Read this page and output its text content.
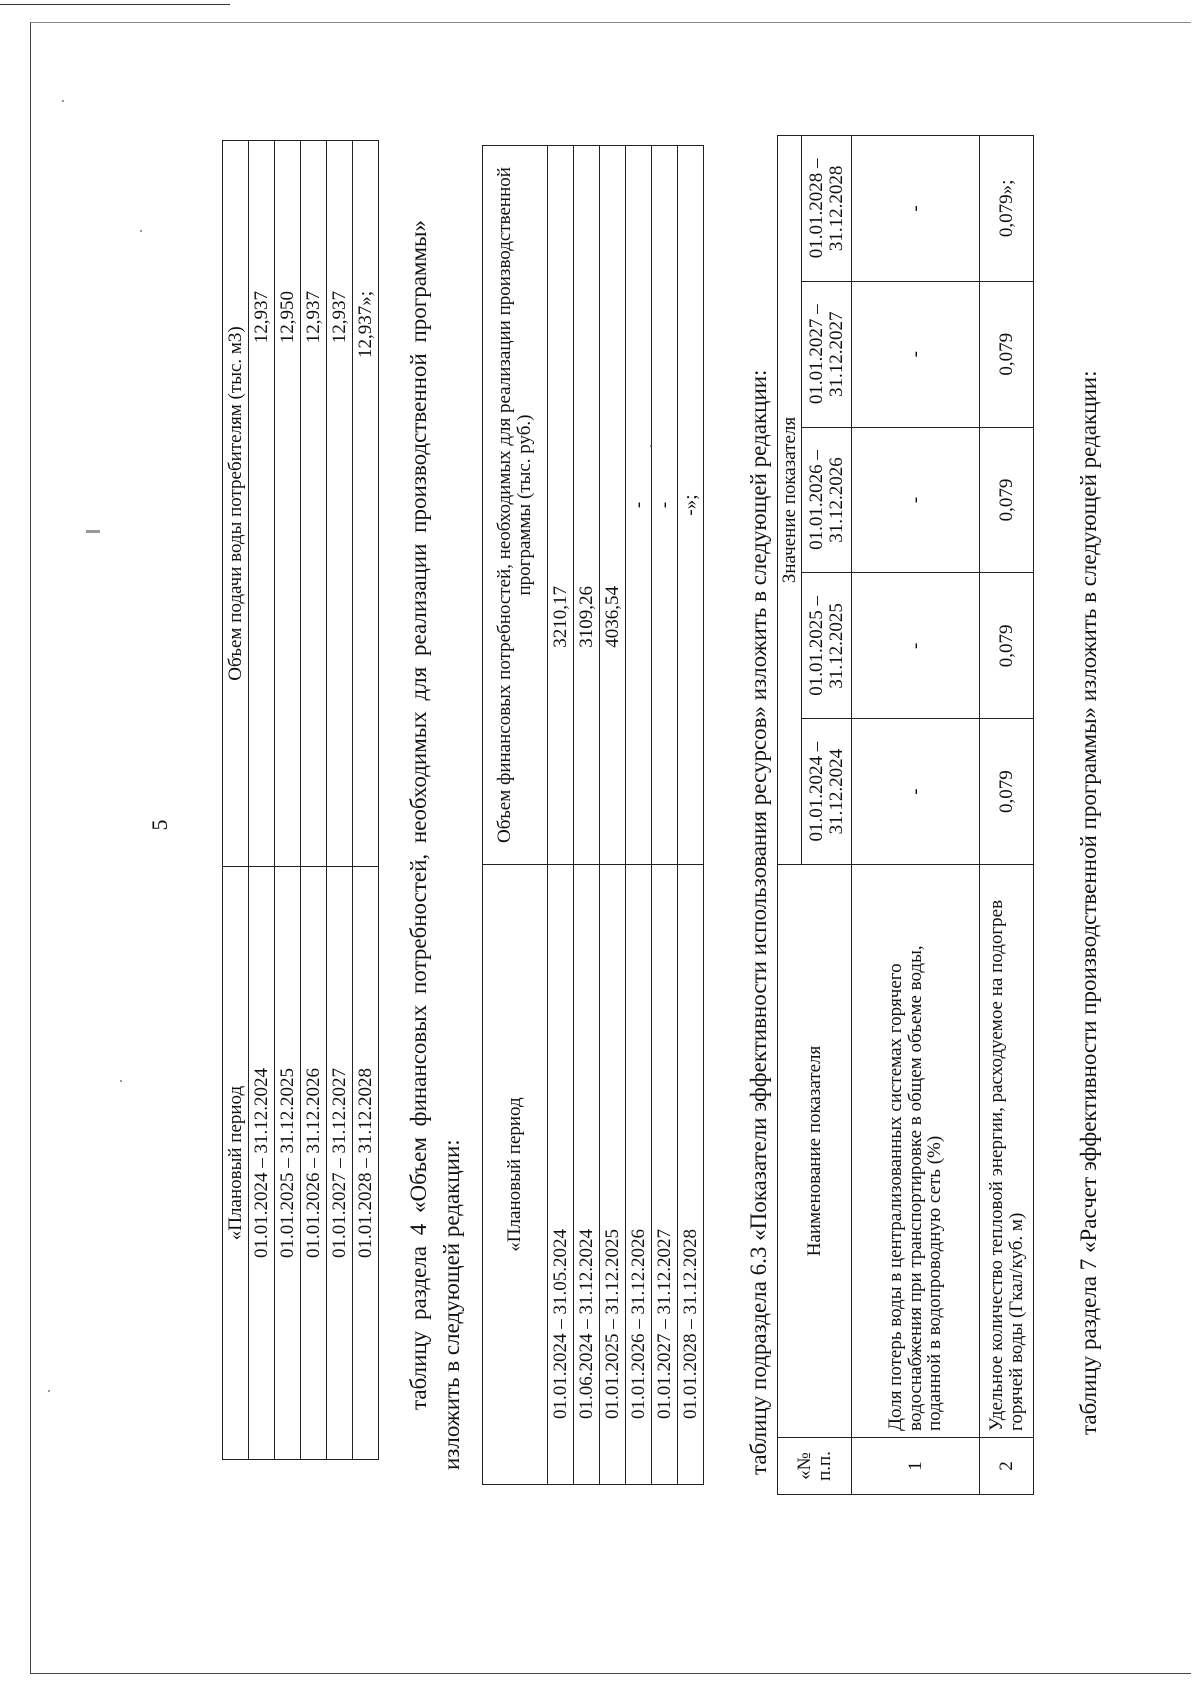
5
«Плановый период	Объем подачи воды потребителям (тыс. м3)
01.01.2024 – 31.12.2024	12,937
01.01.2025 – 31.12.2025	12,950
01.01.2026 – 31.12.2026	12,937
01.01.2027 – 31.12.2027	12,937
01.01.2028 – 31.12.2028	12,937»; таблицу раздела 4 «Объем финансовых потребностей, необходимых для реализации производственной программы» изложить в следующей редакции: «Плановый период	Объем финансовых потребностей, необходимых для реализации производственной программы (тыс. руб.)
01.01.2024 – 31.05.2024	3210,17
01.06.2024 – 31.12.2024	3109,26
01.01.2025 – 31.12.2025	4036,54
01.01.2026 – 31.12.2026	-
01.01.2027 – 31.12.2027	-
01.01.2028 – 31.12.2028	-»; таблицу подраздела 6.3 «Показатели эффективности использования ресурсов» изложить в следующей редакции: «№ п.п.	Наименование показателя	Значение показателя				
		01.01.2024 – 31.12.2024	01.01.2025 – 31.12.2025	01.01.2026 – 31.12.2026	01.01.2027 – 31.12.2027	01.01.2028 – 31.12.2028
1	Доля потерь воды в централизованных системах горячего водоснабжения при транспортировке в общем объеме воды, поданной в водопроводную сеть (%)	-	-	-	-	-
2	Удельное количество тепловой энергии, расходуемое на подогрев горячей воды (Гкал/куб. м)	0,079	0,079	0,079	0,079	0,079»;
таблицу раздела 7 «Расчет эффективности производственной программы» изложить в следующей редакции:
